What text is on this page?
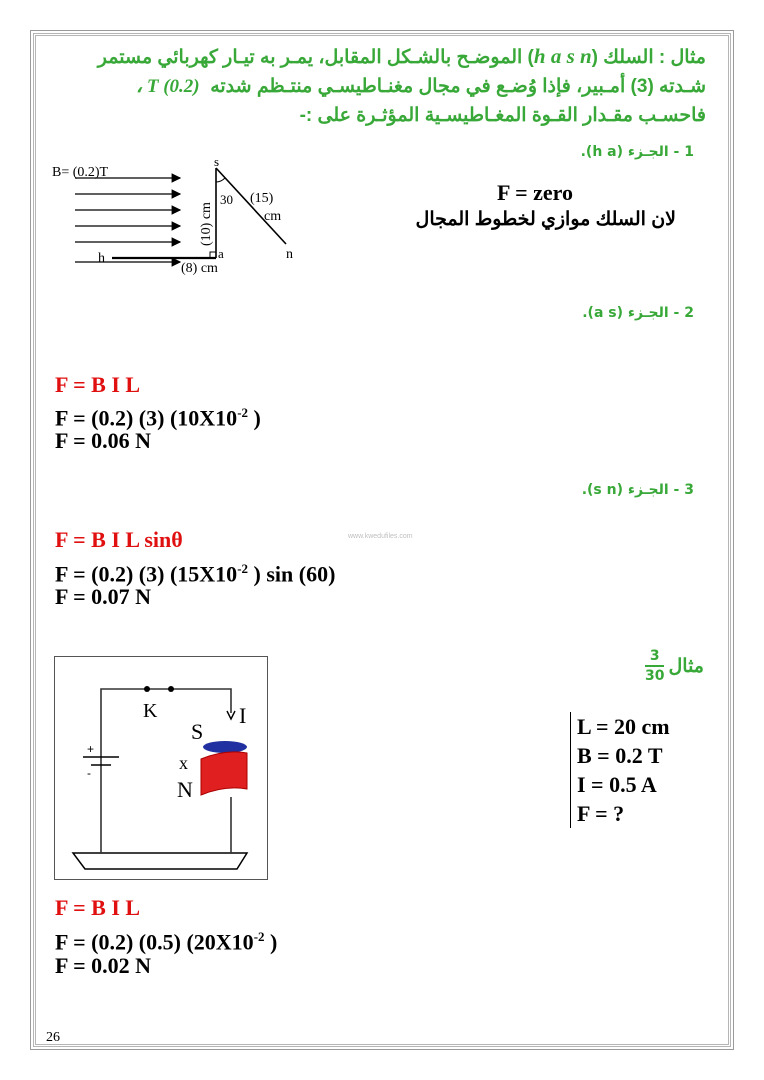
مثال : السلك (h a s n) الموضـح بالشـكل المقابل، يمـر به تيـار كهربائي مستمر
شـدته (3) أمـبير، فإذا وُضـع في مجال مغنـاطيسـي منتـظم شدته  T (0.2) ،
فاحسـب مقـدار القـوة المغـاطيسـية المؤثـرة على :-
1 - الجـزء (h a).
B= (0.2)T
s
30
(10) cm
(15)
cm
a	n
h
(8) cm
F = zero
لان السلك موازي لخطوط المجال
2 - الجـزء (a s).
F = B I L
F = (0.2) (3) ($10X10^{-2}$ )
F = 0.06 N
3 - الجـزء (s n).
F = B I L sinθ	www.kwedufiles.com
F = (0.2) (3) ($15X10^{-2}$ ) sin (60)
F = 0.07 N
مثال
$\frac{3}{30}$
K	I
+
-
S
x
N
L = 20 cm
B = 0.2 T
I = 0.5 A
F = ?
F = B I L
F = (0.2) (0.5) ($20X10^{-2}$ )
F = 0.02 N
26
